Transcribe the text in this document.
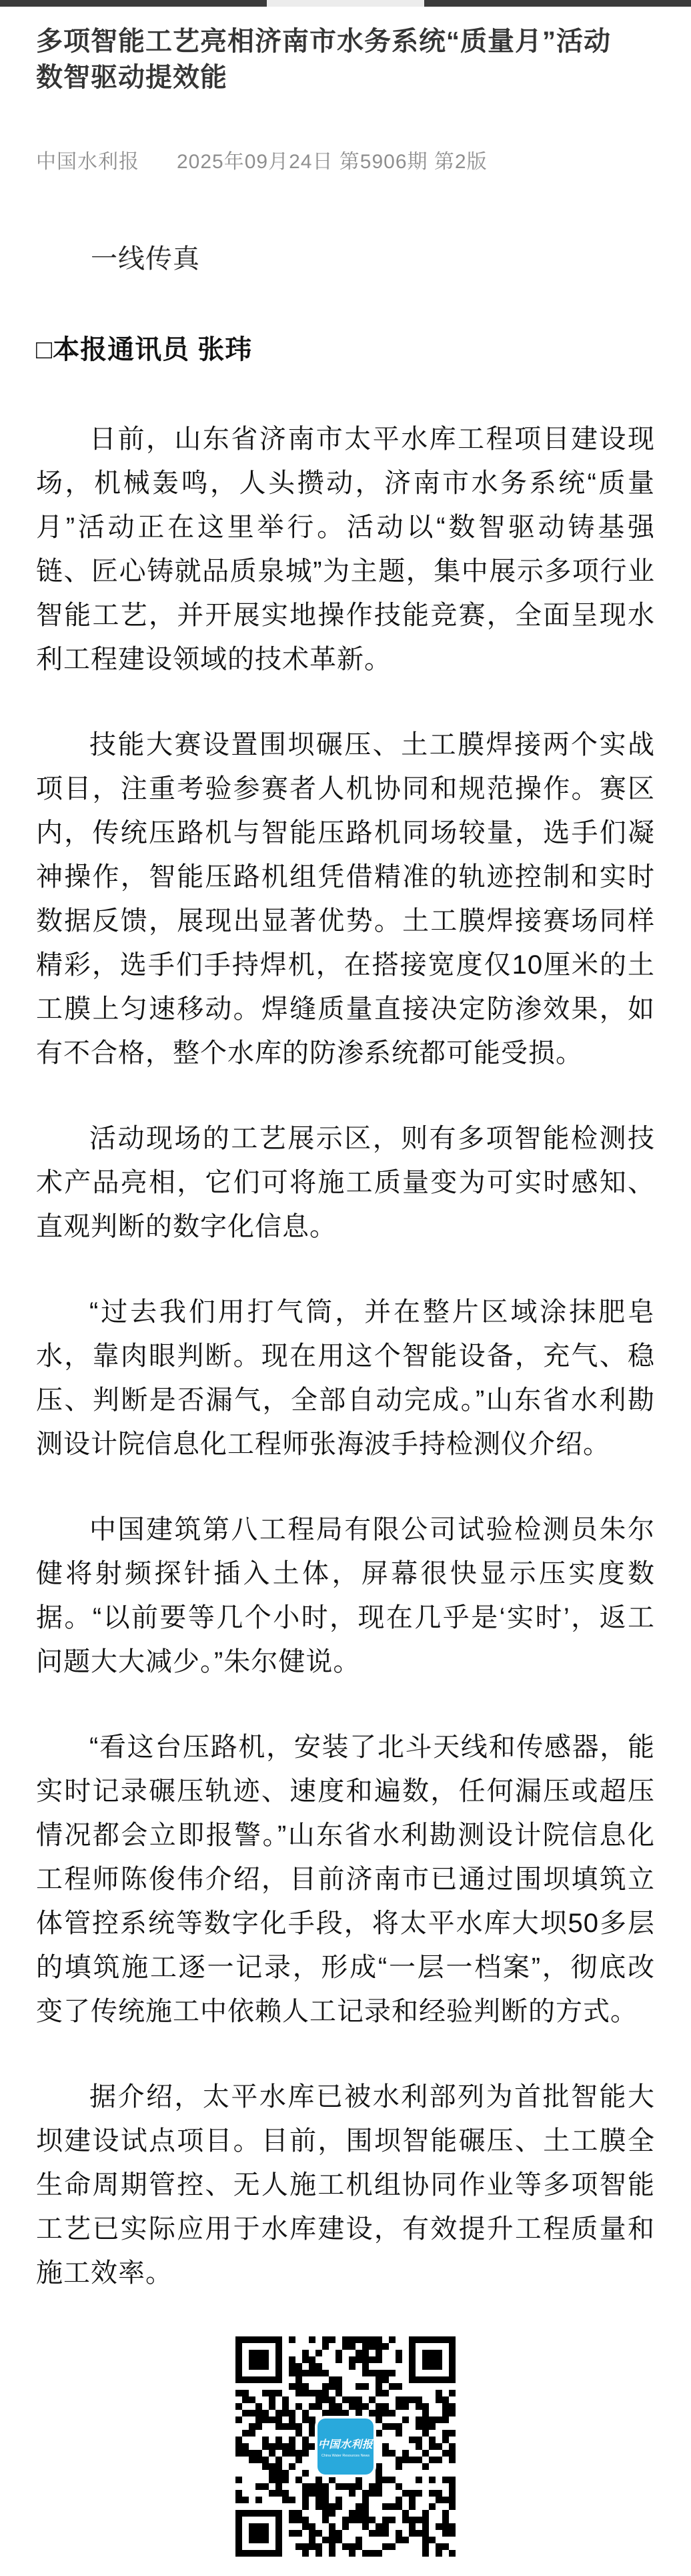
多项智能工艺亮相济南市水务系统“质量月”活动
数智驱动提效能
中国水利报 2025年09月24日 第5906期 第2版
一线传真
□本报通讯员 张玮

日前，山东省济南市太平水库工程项目建设现场，机械轰鸣，人头攒动，济南市水务系统“质量月”活动正在这里举行。活动以“数智驱动铸基强链、匠心铸就品质泉城”为主题，集中展示多项行业智能工艺，并开展实地操作技能竞赛，全面呈现水利工程建设领域的技术革新。

技能大赛设置围坝碾压、土工膜焊接两个实战项目，注重考验参赛者人机协同和规范操作。赛区内，传统压路机与智能压路机同场较量，选手们凝神操作，智能压路机组凭借精准的轨迹控制和实时数据反馈，展现出显著优势。土工膜焊接赛场同样精彩，选手们手持焊机，在搭接宽度仅10厘米的土工膜上匀速移动。焊缝质量直接决定防渗效果，如有不合格，整个水库的防渗系统都可能受损。

活动现场的工艺展示区，则有多项智能检测技术产品亮相，它们可将施工质量变为可实时感知、直观判断的数字化信息。

“过去我们用打气筒，并在整片区域涂抹肥皂水，靠肉眼判断。现在用这个智能设备，充气、稳压、判断是否漏气，全部自动完成。”山东省水利勘测设计院信息化工程师张海波手持检测仪介绍。

中国建筑第八工程局有限公司试验检测员朱尔健将射频探针插入土体，屏幕很快显示压实度数据。“以前要等几个小时，现在几乎是‘实时’，返工问题大大减少。”朱尔健说。

“看这台压路机，安装了北斗天线和传感器，能实时记录碾压轨迹、速度和遍数，任何漏压或超压情况都会立即报警。”山东省水利勘测设计院信息化工程师陈俊伟介绍，目前济南市已通过围坝填筑立体管控系统等数字化手段，将太平水库大坝50多层的填筑施工逐一记录，形成“一层一档案”，彻底改变了传统施工中依赖人工记录和经验判断的方式。

据介绍，太平水库已被水利部列为首批智能大坝建设试点项目。目前，围坝智能碾压、土工膜全生命周期管控、无人施工机组协同作业等多项智能工艺已实际应用于水库建设，有效提升工程质量和施工效率。

中国水利报
China Water Resources News
